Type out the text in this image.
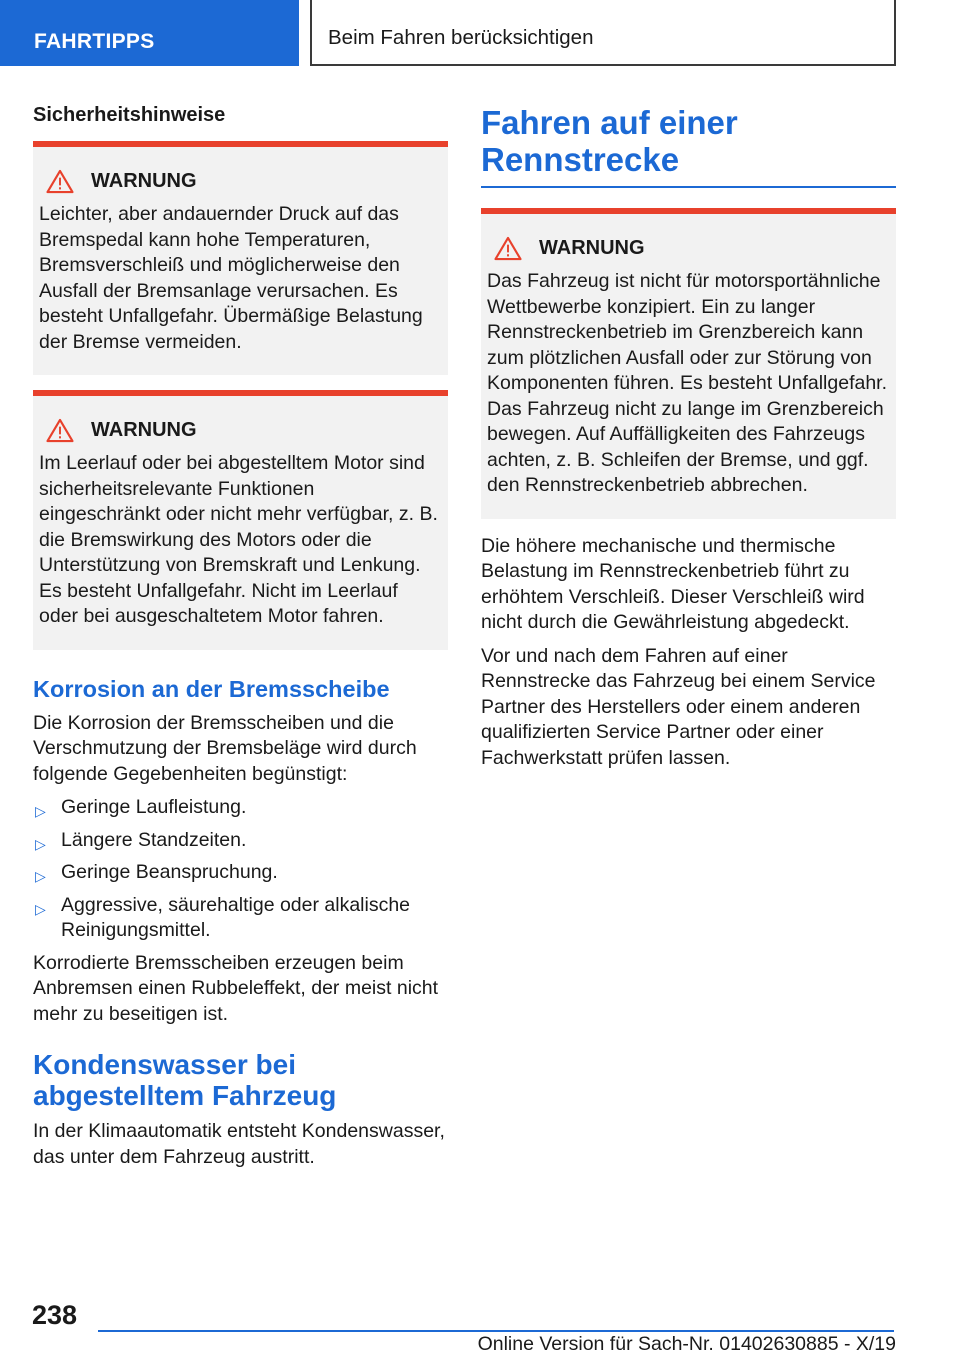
FAHRTIPPS	Beim Fahren berücksichtigen
Sicherheitshinweise
WARNUNG
Leichter, aber andauernder Druck auf das Bremspedal kann hohe Temperaturen, Bremsverschleiß und möglicherweise den Ausfall der Bremsanlage verursachen. Es besteht Unfallgefahr. Übermäßige Belastung der Bremse vermeiden.
WARNUNG
Im Leerlauf oder bei abgestelltem Motor sind sicherheitsrelevante Funktionen eingeschränkt oder nicht mehr verfügbar, z. B. die Bremswirkung des Motors oder die Unterstützung von Bremskraft und Lenkung. Es besteht Unfallgefahr. Nicht im Leerlauf oder bei ausgeschaltetem Motor fahren.
Korrosion an der Bremsscheibe

Die Korrosion der Bremsscheiben und die Verschmutzung der Bremsbeläge wird durch folgende Gegebenheiten begünstigt:

▷ Geringe Laufleistung.
▷ Längere Standzeiten.
▷ Geringe Beanspruchung.
▷ Aggressive, säurehaltige oder alkalische Reinigungsmittel.

Korrodierte Bremsscheiben erzeugen beim Anbremsen einen Rubbeleffekt, der meist nicht mehr zu beseitigen ist.

Kondenswasser bei abgestelltem Fahrzeug

In der Klimaautomatik entsteht Kondenswasser, das unter dem Fahrzeug austritt.

Fahren auf einer Rennstrecke
WARNUNG
Das Fahrzeug ist nicht für motorsportähnliche Wettbewerbe konzipiert. Ein zu langer Rennstreckenbetrieb im Grenzbereich kann zum plötzlichen Ausfall oder zur Störung von Komponenten führen. Es besteht Unfallgefahr. Das Fahrzeug nicht zu lange im Grenzbereich bewegen. Auf Auffälligkeiten des Fahrzeugs achten, z. B. Schleifen der Bremse, und ggf. den Rennstreckenbetrieb abbrechen.

Die höhere mechanische und thermische Belastung im Rennstreckenbetrieb führt zu erhöhtem Verschleiß. Dieser Verschleiß wird nicht durch die Gewährleistung abgedeckt.

Vor und nach dem Fahren auf einer Rennstrecke das Fahrzeug bei einem Service Partner des Herstellers oder einem anderen qualifizierten Service Partner oder einer Fachwerkstatt prüfen lassen.

238
Online Version für Sach-Nr. 01402630885 - X/19
